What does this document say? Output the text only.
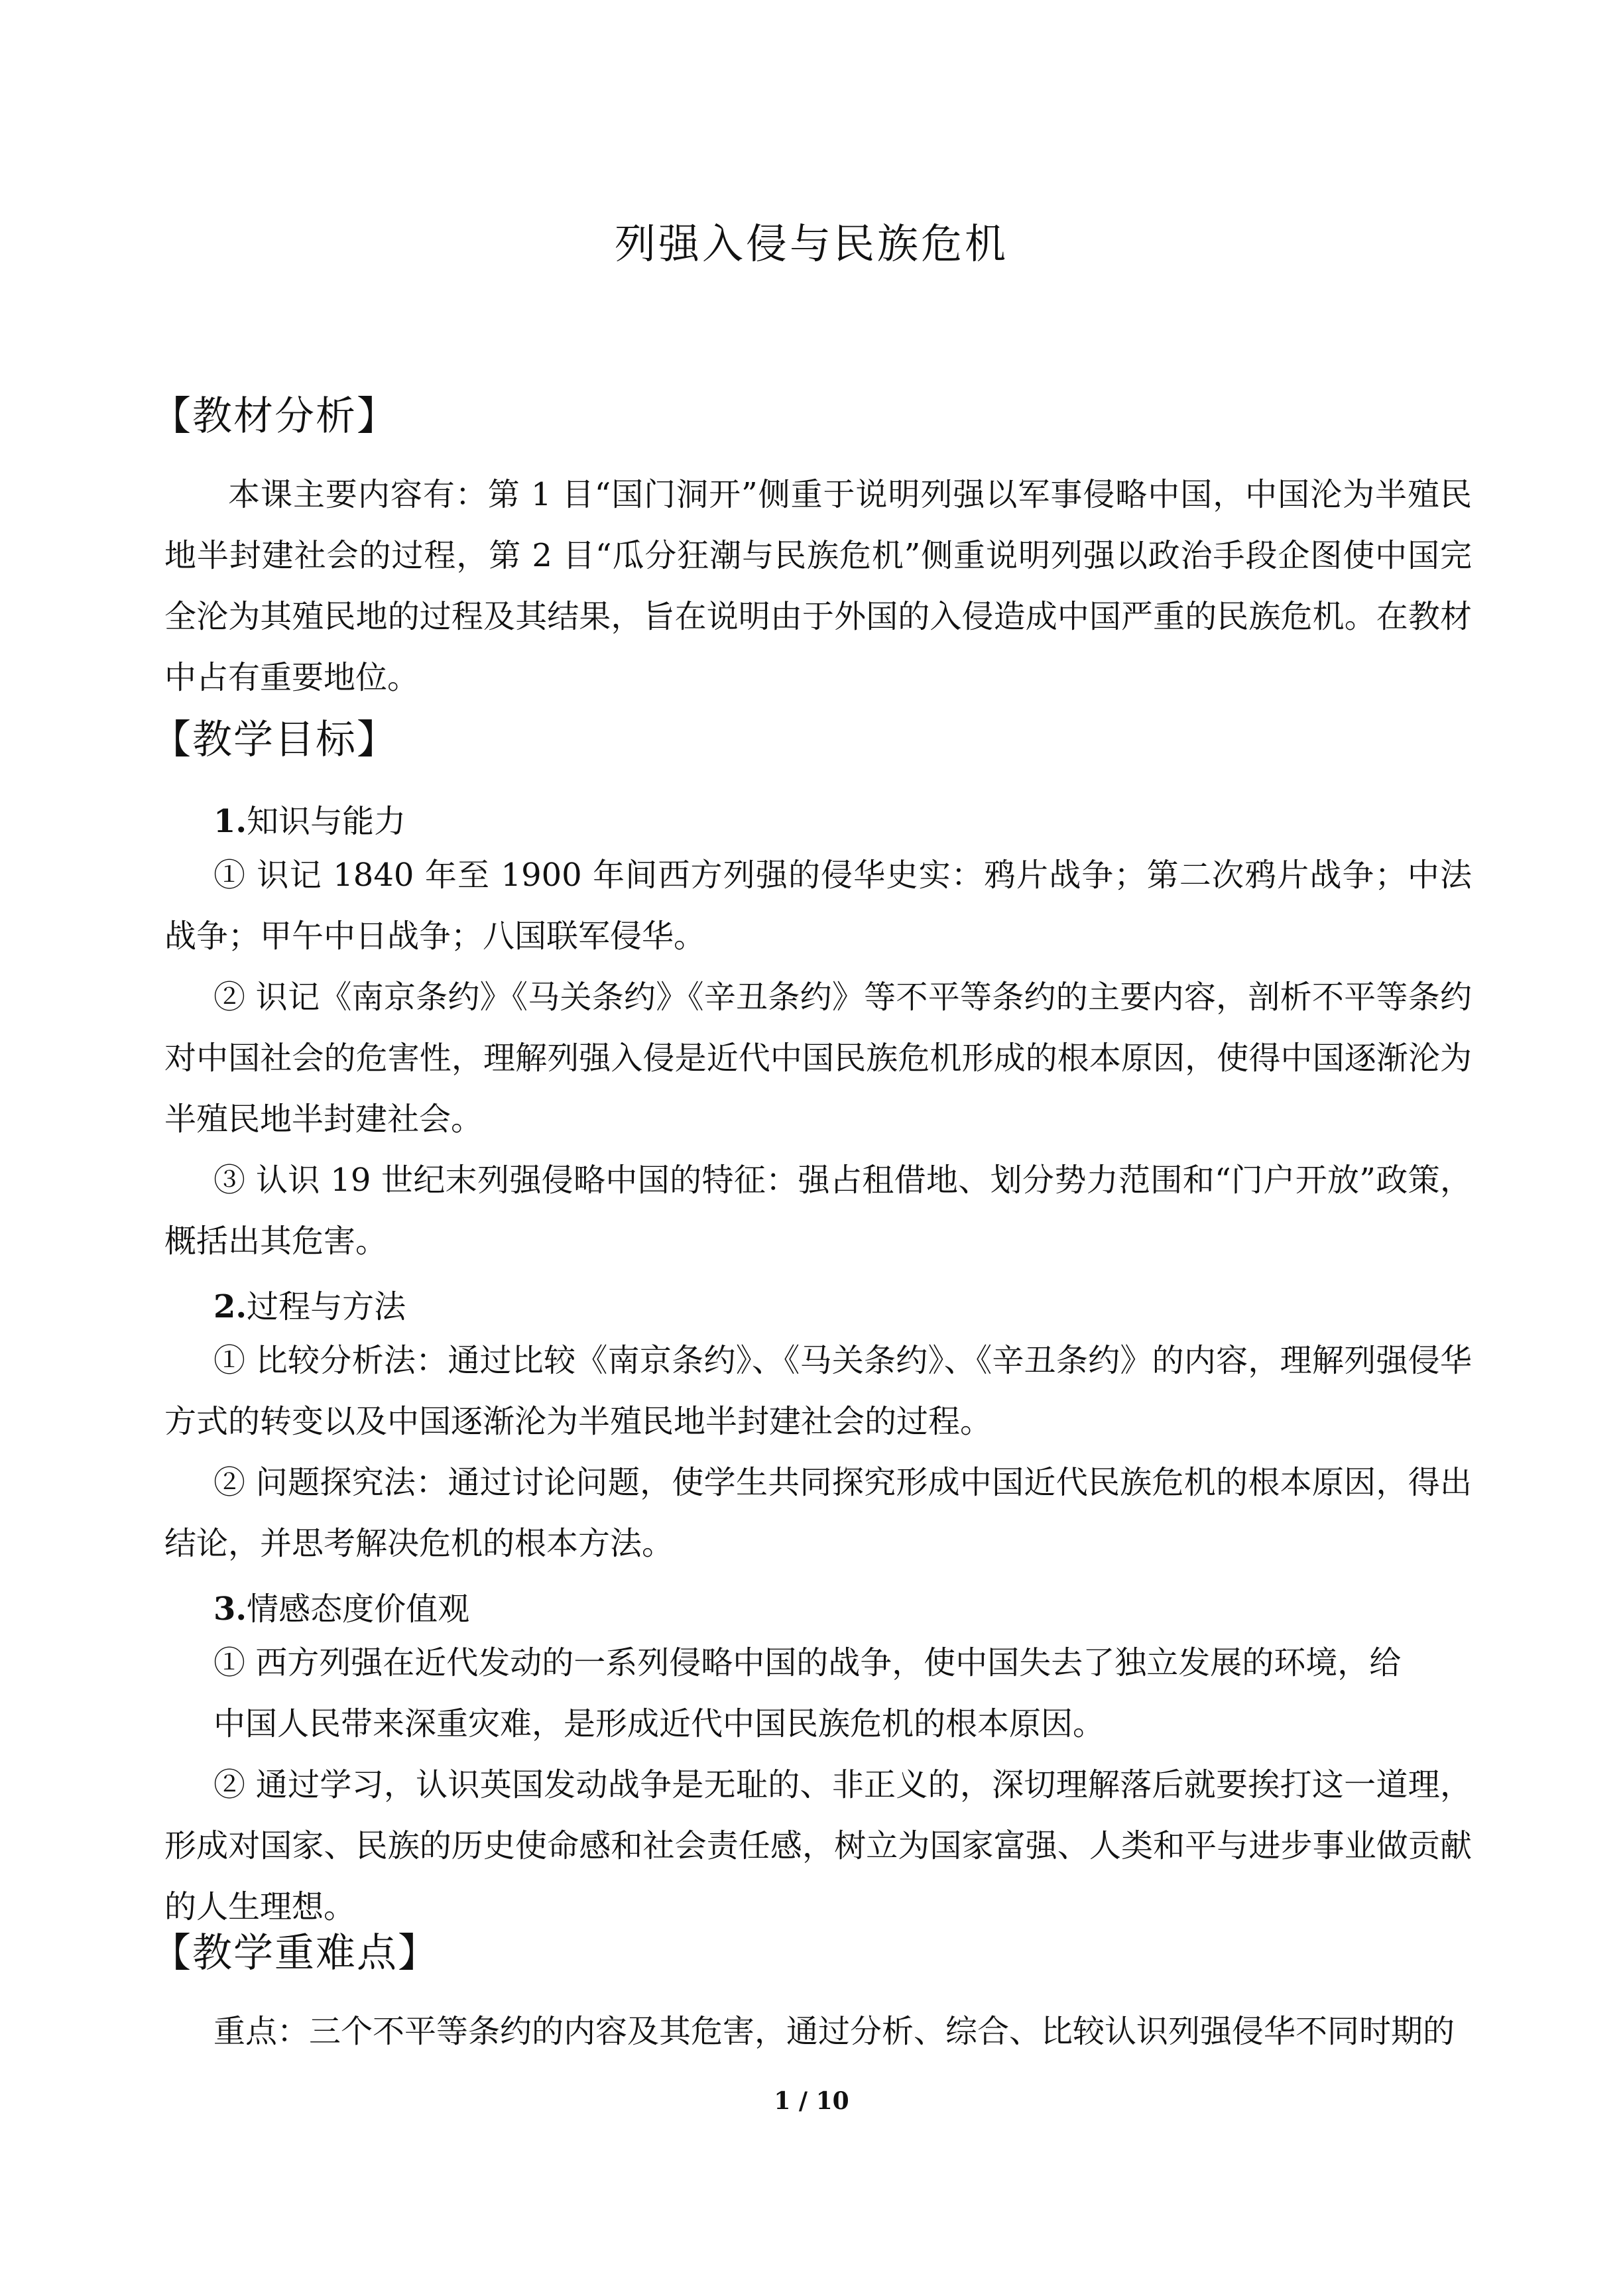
列强入侵与民族危机
【教材分析】
本课主要内容有：第 1 目“国门洞开”侧重于说明列强以军事侵略中国，中国沦为半殖民地半封建社会的过程，第 2 目“瓜分狂潮与民族危机”侧重说明列强以政治手段企图使中国完全沦为其殖民地的过程及其结果，旨在说明由于外国的入侵造成中国严重的民族危机。在教材中占有重要地位。
【教学目标】
1.知识与能力
① 识记 1840 年至 1900 年间西方列强的侵华史实：鸦片战争；第二次鸦片战争；中法战争；甲午中日战争；八国联军侵华。
② 识记《南京条约》《马关条约》《辛丑条约》等不平等条约的主要内容，剖析不平等条约对中国社会的危害性，理解列强入侵是近代中国民族危机形成的根本原因，使得中国逐渐沦为半殖民地半封建社会。
③ 认识 19 世纪末列强侵略中国的特征：强占租借地、划分势力范围和“门户开放”政策，概括出其危害。
2.过程与方法
① 比较分析法：通过比较《南京条约》、《马关条约》、《辛丑条约》的内容，理解列强侵华方式的转变以及中国逐渐沦为半殖民地半封建社会的过程。
② 问题探究法：通过讨论问题，使学生共同探究形成中国近代民族危机的根本原因，得出结论，并思考解决危机的根本方法。
3.情感态度价值观
① 西方列强在近代发动的一系列侵略中国的战争，使中国失去了独立发展的环境，给
中国人民带来深重灾难，是形成近代中国民族危机的根本原因。
② 通过学习，认识英国发动战争是无耻的、非正义的，深切理解落后就要挨打这一道理，形成对国家、民族的历史使命感和社会责任感，树立为国家富强、人类和平与进步事业做贡献的人生理想。
【教学重难点】
重点：三个不平等条约的内容及其危害，通过分析、综合、比较认识列强侵华不同时期的
1 / 10
